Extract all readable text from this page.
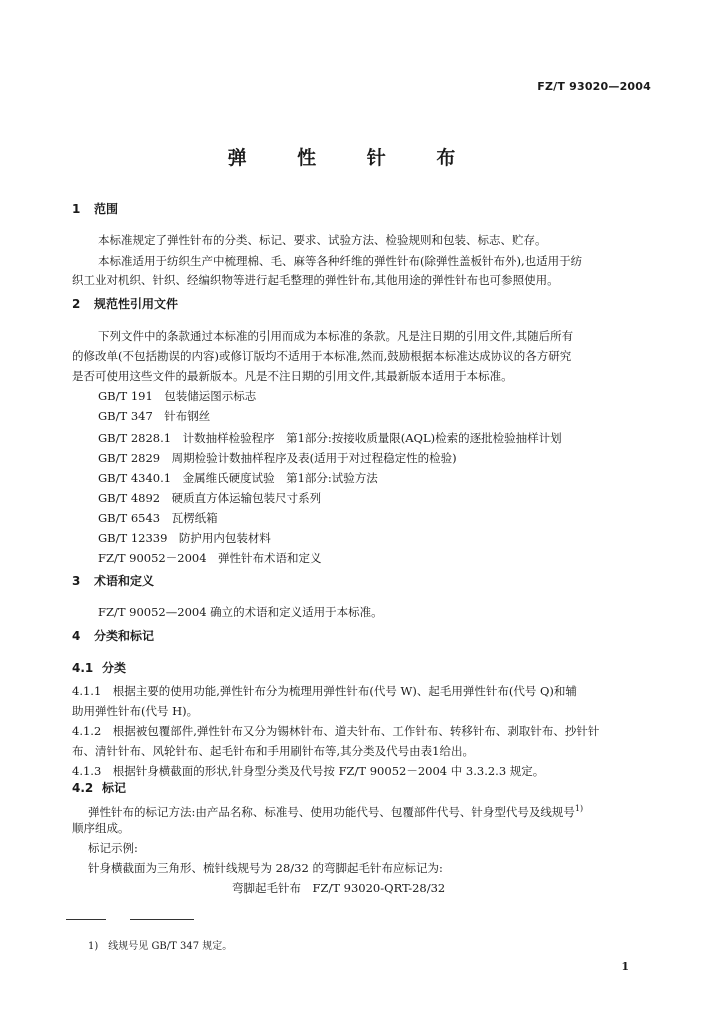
FZ/T 93020—2004
弹 性 针 布
1 范围
本标准规定了弹性针布的分类、标记、要求、试验方法、检验规则和包装、标志、贮存。
本标准适用于纺织生产中梳理棉、毛、麻等各种纤维的弹性针布(除弹性盖板针布外),也适用于纺
织工业对机织、针织、经编织物等进行起毛整理的弹性针布,其他用途的弹性针布也可参照使用。
2 规范性引用文件
下列文件中的条款通过本标准的引用而成为本标准的条款。凡是注日期的引用文件,其随后所有
的修改单(不包括勘误的内容)或修订版均不适用于本标准,然而,鼓励根据本标准达成协议的各方研究
是否可使用这些文件的最新版本。凡是不注日期的引用文件,其最新版本适用于本标准。
GB/T 191　包装储运图示标志
GB/T 347　针布钢丝
GB/T 2828.1　计数抽样检验程序　第1部分:按接收质量限(AQL)检索的逐批检验抽样计划
GB/T 2829　周期检验计数抽样程序及表(适用于对过程稳定性的检验)
GB/T 4340.1　金属维氏硬度试验　第1部分:试验方法
GB/T 4892　硬质直方体运输包装尺寸系列
GB/T 6543　瓦楞纸箱
GB/T 12339　防护用内包装材料
FZ/T 90052－2004　弹性针布术语和定义
3 术语和定义
FZ/T 90052—2004 确立的术语和定义适用于本标准。
4 分类和标记
4.1 分类
4.1.1　根据主要的使用功能,弹性针布分为梳理用弹性针布(代号 W)、起毛用弹性针布(代号 Q)和辅
助用弹性针布(代号 H)。
4.1.2　根据被包覆部件,弹性针布又分为锡林针布、道夫针布、工作针布、转移针布、剥取针布、抄针针
布、清针针布、风轮针布、起毛针布和手用刷针布等,其分类及代号由表1给出。
4.1.3　根据针身横截面的形状,针身型分类及代号按 FZ/T 90052－2004 中 3.3.2.3 规定。
4.2 标记
弹性针布的标记方法:由产品名称、标准号、使用功能代号、包覆部件代号、针身型代号及线规号$^{1)}$
顺序组成。
标记示例:
针身横截面为三角形、梳针线规号为 28/32 的弯脚起毛针布应标记为:
弯脚起毛针布　FZ/T 93020-QRT-28/32
1)　线规号见 GB/T 347 规定。
1
